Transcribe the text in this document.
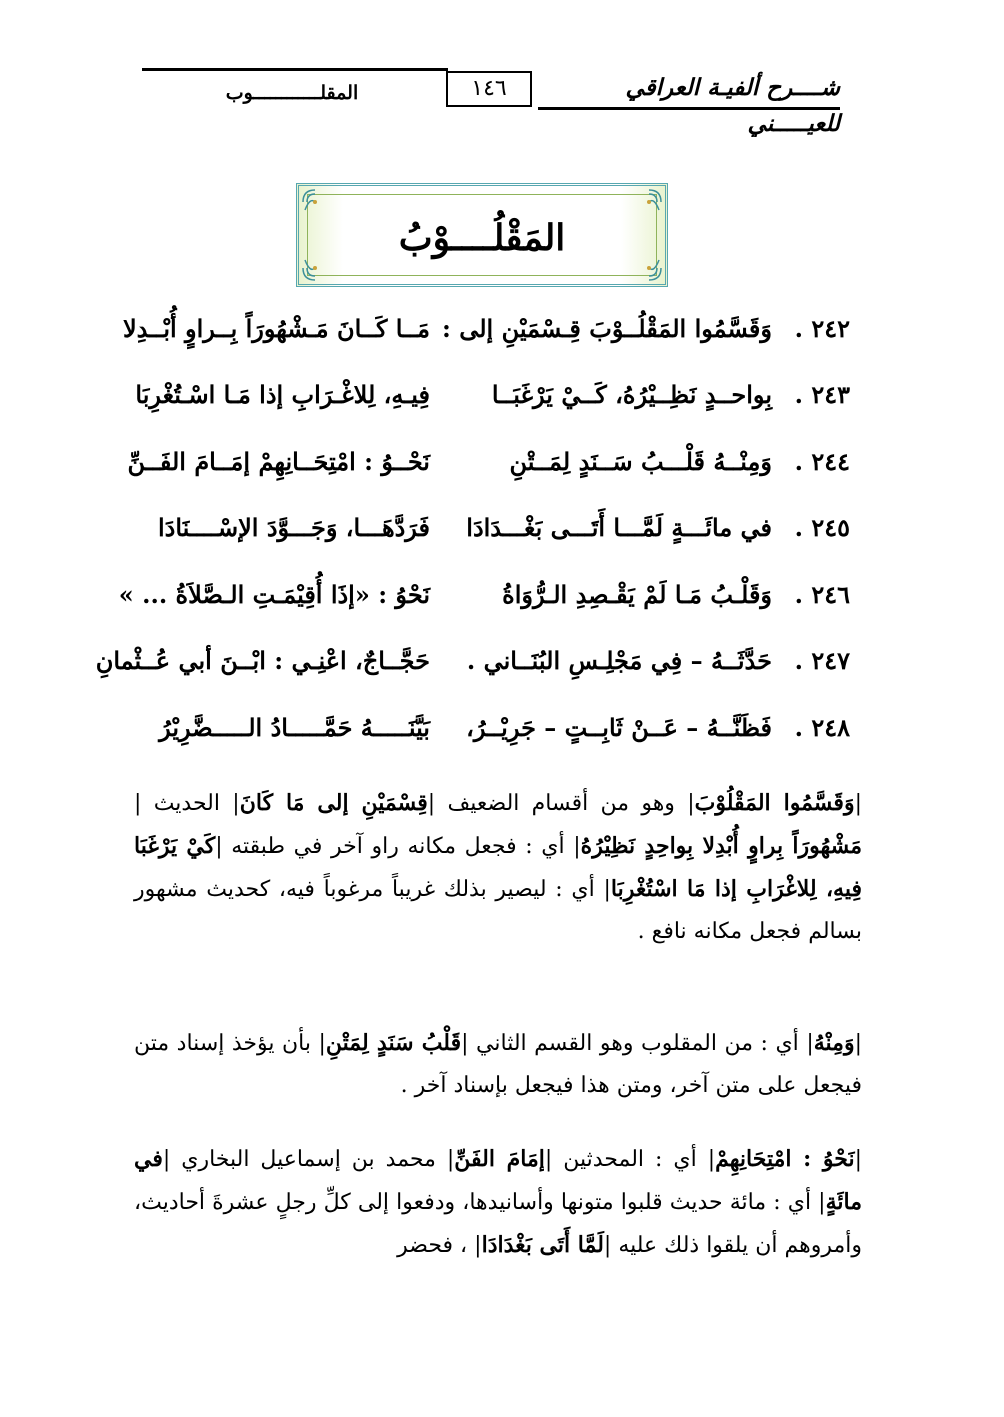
شــــرح ألفيـة العراقي للعيـــــني
١٤٦
المقلــــــــــــوب
المَقْلُــــوْبُ
٢٤٢ .
وَقَسَّمُوا المَقْلُــوْبَ قِـسْمَيْنِ إلى :
مَــا كَــانَ مَـشْهُورَاً بِــراوٍ أُبْــدِلا
٢٤٣ .
بِواحــدٍ نَظِــيْرُهُ، كَــيْ يَرْغَبَــا
فِيـهِ، لِلاغْـرَابِ إذا مَـا اسْـتُغْرِبَا
٢٤٤ .
وَمِنْــهُ قَلْـــبُ سَــنَدٍ لِمَــتْنِ
نَحْــوُ : امْتِحَــانِهِمْ إمَــامَ الفَــنِّ
٢٤٥ .
في مائَـــةٍ لَمَّـــا أَتَـــى بَغْـــدَادَا
فَرَدَّهَـــا، وَجَـــوَّدَ الإسْــــنَادَا
٢٤٦ .
وَقَلْـبُ مَـا لَمْ يَقْـصِدِ الـرُّوَاةُ
نَحْوُ : «إذَا أُقِيْمَـتِ الـصَّلاَةُ ... »
٢٤٧ .
حَدَّثَــهُ – فِي مَجْلِـسِ البُنَــاني .
حَجَّــاجٌ، اعْنِـي : ابْــنَ أبي عُــثْمانِ
٢٤٨ .
فَظَنَّــهُ – عَــنْ ثَابِــتٍ – جَرِيْــرُ،
بَيَّنَـــــهُ حَمَّـــــادُ الـــــضَّرِيْرُ
|وَقَسَّمُوا المَقْلُوْبَ| وهو من أقسام الضعيف |قِسْمَيْنِ إلى مَا كَانَ| الحديث |مَشْهُورَاً بِراوٍ أُبْدِلا بِواحِدٍ نَظِيْرُهُ| أي : فجعل مكانه راو آخر في طبقته |كَيْ يَرْغَبَا فِيهِ، لِلاغْرَابِ إذا مَا اسْتُغْرِبَا| أي : ليصير بذلك غريباً مرغوباً فيه، كحديث مشهور بسالم فجعل مكانه نافع .
|وَمِنْهُ| أي : من المقلوب وهو القسم الثاني |قَلْبُ سَنَدٍ لِمَتْنِ| بأن يؤخذ إسناد متن فيجعل على متن آخر، ومتن هذا فيجعل بإسناد آخر .
|نَحْوُ : امْتِحَانِهِمْ| أي : المحدثين |إمَامَ الفَنِّ| محمد بن إسماعيل البخاري |في مائَةٍ| أي : مائة حديث قلبوا متونها وأسانيدها، ودفعوا إلى كلِّ رجلٍ عشرةَ أحاديث، وأمروهم أن يلقوا ذلك عليه |لَمَّا أَتَى بَغْدَادَا| ، فحضر
